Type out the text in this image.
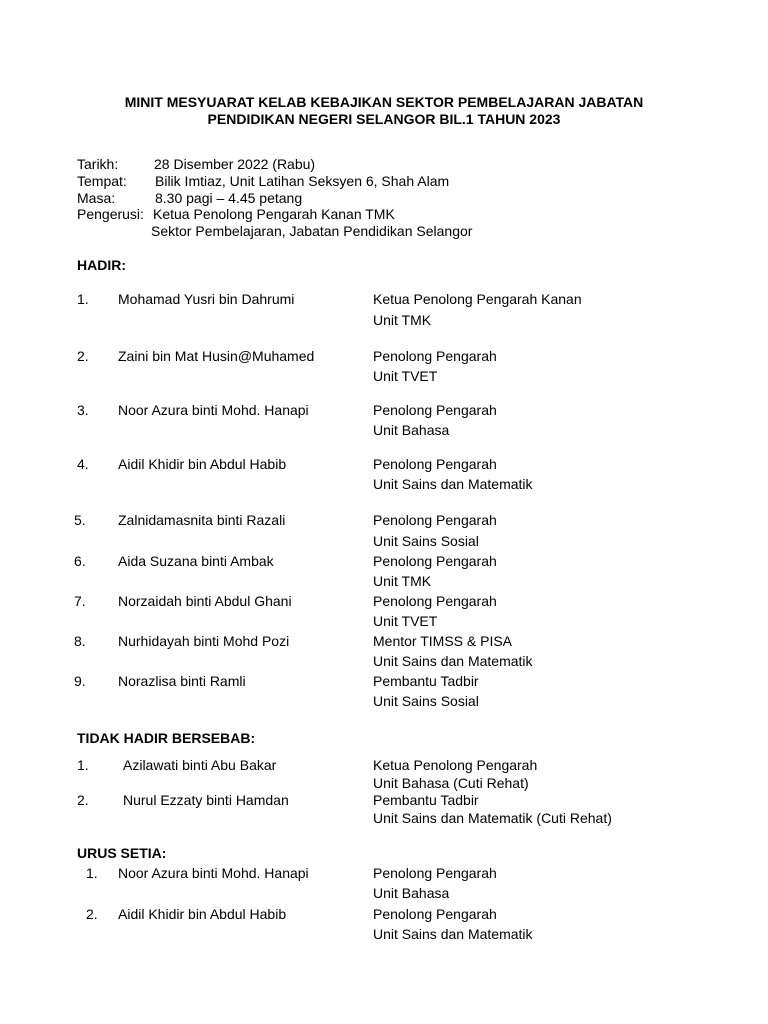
MINIT MESYUARAT KELAB KEBAJIKAN SEKTOR PEMBELAJARAN JABATAN
PENDIDIKAN NEGERI SELANGOR BIL.1 TAHUN 2023
Tarikh:	28 Disember 2022 (Rabu)
Tempat: Bilik Imtiaz, Unit Latihan Seksyen 6, Shah Alam
Masa:	8.30 pagi – 4.45 petang
Pengerusi: Ketua Penolong Pengarah Kanan TMK
Sektor Pembelajaran, Jabatan Pendidikan Selangor
HADIR:
1. Mohamad Yusri bin Dahrumi	Ketua Penolong Pengarah Kanan
Unit TMK
2. Zaini bin Mat Husin@Muhamed	Penolong Pengarah
Unit TVET
3. Noor Azura binti Mohd. Hanapi	Penolong Pengarah
Unit Bahasa
4. Aidil Khidir bin Abdul Habib	Penolong Pengarah
Unit Sains dan Matematik
5. Zalnidamasnita binti Razali	Penolong Pengarah
Unit Sains Sosial
6. Aida Suzana binti Ambak	Penolong Pengarah
Unit TMK
7. Norzaidah binti Abdul Ghani	Penolong Pengarah
Unit TVET
8. Nurhidayah binti Mohd Pozi	Mentor TIMSS & PISA
Unit Sains dan Matematik
9. Norazlisa binti Ramli	Pembantu Tadbir
Unit Sains Sosial
TIDAK HADIR BERSEBAB:
1. Azilawati binti Abu Bakar	Ketua Penolong Pengarah
Unit Bahasa (Cuti Rehat)
2. Nurul Ezzaty binti Hamdan	Pembantu Tadbir
Unit Sains dan Matematik (Cuti Rehat)
URUS SETIA:
1. Noor Azura binti Mohd. Hanapi	Penolong Pengarah
Unit Bahasa
2. Aidil Khidir bin Abdul Habib	Penolong Pengarah
Unit Sains dan Matematik
